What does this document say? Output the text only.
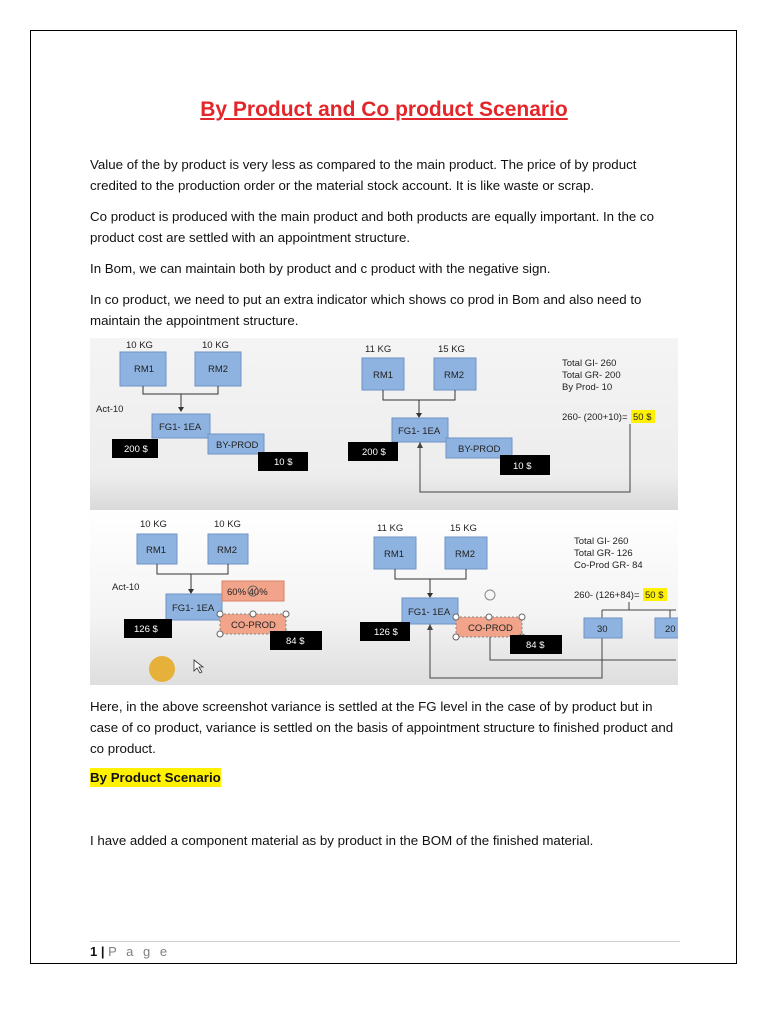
By Product and Co product Scenario
Value of the by product is very less as compared to the main product. The price of by product credited to the production order or the material stock account. It is like waste or scrap.
Co product is produced with the main product and both products are equally important. In the co product cost are settled with an appointment structure.
In Bom, we can maintain both by product and c product with the negative sign.
In co product, we need to put an extra indicator which shows co prod in Bom and also need to maintain the appointment structure.
10 KG	10 KG
RM1	RM2
Act-10
FG1- 1EA
200 $	BY-PROD
10 $
11 KG	15 KG
RM1	RM2
FG1- 1EA
200 $	BY-PROD
10 $
Total GI- 260
Total GR- 200
By Prod- 10
260- (200+10)= 50 $
10 KG	10 KG
RM1	RM2
Act-10
FG1- 1EA
60% 40%
126 $	CO-PROD
84 $
11 KG	15 KG
RM1	RM2
FG1- 1EA
126 $	CO-PROD
84 $
Total GI- 260
Total GR- 126
Co-Prod GR- 84
260- (126+84)= 50 $
30	20
Here, in the above screenshot variance is settled at the FG level in the case of by product but in case of co product, variance is settled on the basis of appointment structure to finished product and co product.
By Product Scenario
I have added a component material as by product in the BOM of the finished material.
1 | P a g e
